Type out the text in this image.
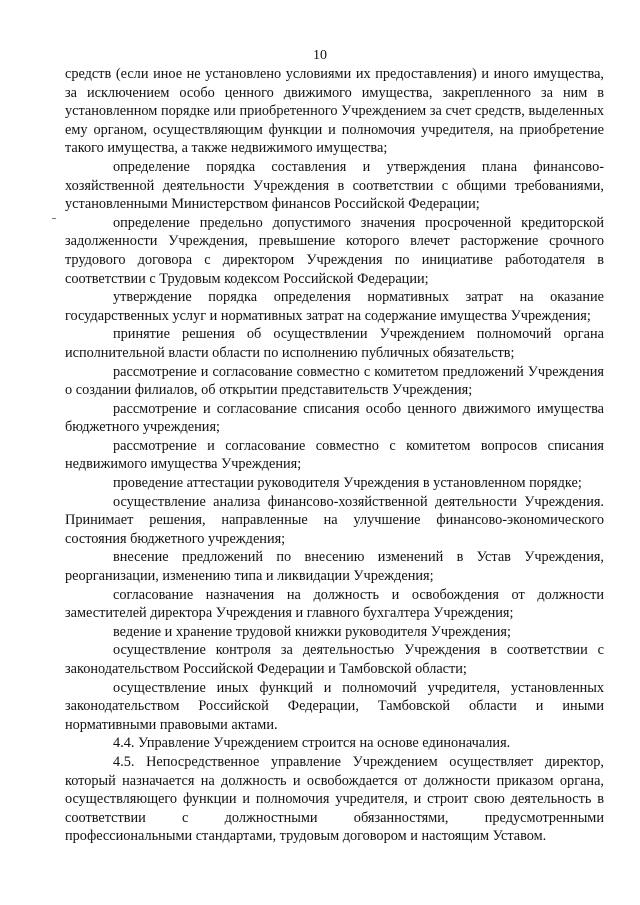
10

средств (если иное не установлено условиями их предоставления) и иного имущества, за исключением особо ценного движимого имущества, закрепленного за ним в установленном порядке или приобретенного Учреждением за счет средств, выделенных ему органом, осуществляющим функции и полномочия учредителя, на приобретение такого имущества, а также недвижимого имущества;

определение порядка составления и утверждения плана финансово-хозяйственной деятельности Учреждения в соответствии с общими требованиями, установленными Министерством финансов Российской Федерации;

определение предельно допустимого значения просроченной кредиторской задолженности Учреждения, превышение которого влечет расторжение срочного трудового договора с директором Учреждения по инициативе работодателя в соответствии с Трудовым кодексом Российской Федерации;

утверждение порядка определения нормативных затрат на оказание государственных услуг и нормативных затрат на содержание имущества Учреждения;

принятие решения об осуществлении Учреждением полномочий органа исполнительной власти области по исполнению публичных обязательств;

рассмотрение и согласование совместно с комитетом предложений Учреждения о создании филиалов, об открытии представительств Учреждения;

рассмотрение и согласование списания особо ценного движимого имущества бюджетного учреждения;

рассмотрение и согласование совместно с комитетом вопросов списания недвижимого имущества Учреждения;

проведение аттестации руководителя Учреждения в установленном порядке;

осуществление анализа финансово-хозяйственной деятельности Учреждения. Принимает решения, направленные на улучшение финансово-экономического состояния бюджетного учреждения;

внесение предложений по внесению изменений в Устав Учреждения, реорганизации, изменению типа и ликвидации Учреждения;

согласование назначения на должность и освобождения от должности заместителей директора Учреждения и главного бухгалтера Учреждения;

ведение и хранение трудовой книжки руководителя Учреждения;

осуществление контроля за деятельностью Учреждения в соответствии с законодательством Российской Федерации и Тамбовской области;

осуществление иных функций и полномочий учредителя, установленных законодательством Российской Федерации, Тамбовской области и иными нормативными правовыми актами.

4.4. Управление Учреждением строится на основе единоначалия.

4.5. Непосредственное управление Учреждением осуществляет директор, который назначается на должность и освобождается от должности приказом органа, осуществляющего функции и полномочия учредителя, и строит свою деятельность в соответствии с должностными обязанностями, предусмотренными профессиональными стандартами, трудовым договором и настоящим Уставом.
